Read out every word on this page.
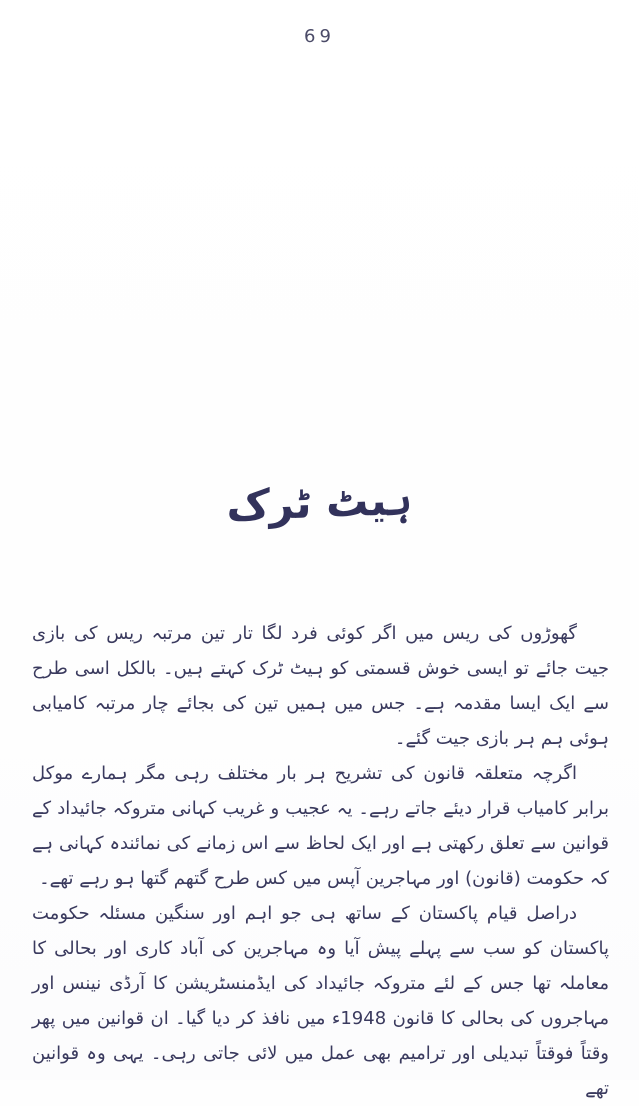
69
ہیٹ ٹرک

گھوڑوں کی ریس میں اگر کوئی فرد لگا تار تین مرتبہ ریس کی بازی جیت جائے تو ایسی خوش قسمتی کو ہیٹ ٹرک کہتے ہیں۔ بالکل اسی طرح سے ایک ایسا مقدمہ ہے۔ جس میں ہمیں تین کی بجائے چار مرتبہ کامیابی ہوئی ہم ہر بازی جیت گئے۔

اگرچہ متعلقہ قانون کی تشریح ہر بار مختلف رہی مگر ہمارے موکل برابر کامیاب قرار دیئے جاتے رہے۔ یہ عجیب و غریب کہانی متروکہ جائیداد کے قوانین سے تعلق رکھتی ہے اور ایک لحاظ سے اس زمانے کی نمائندہ کہانی ہے کہ حکومت (قانون) اور مہاجرین آپس میں کس طرح گتھم گتھا ہو رہے تھے۔

دراصل قیام پاکستان کے ساتھ ہی جو اہم اور سنگین مسئلہ حکومت پاکستان کو سب سے پہلے پیش آیا وہ مہاجرین کی آباد کاری اور بحالی کا معاملہ تھا جس کے لئے متروکہ جائیداد کی ایڈمنسٹریشن کا آرڈی نینس اور مہاجروں کی بحالی کا قانون 1948ء میں نافذ کر دیا گیا۔ ان قوانین میں پھر وقتاً فوقتاً تبدیلی اور ترامیم بھی عمل میں لائی جاتی رہی۔ یہی وہ قوانین تھے
